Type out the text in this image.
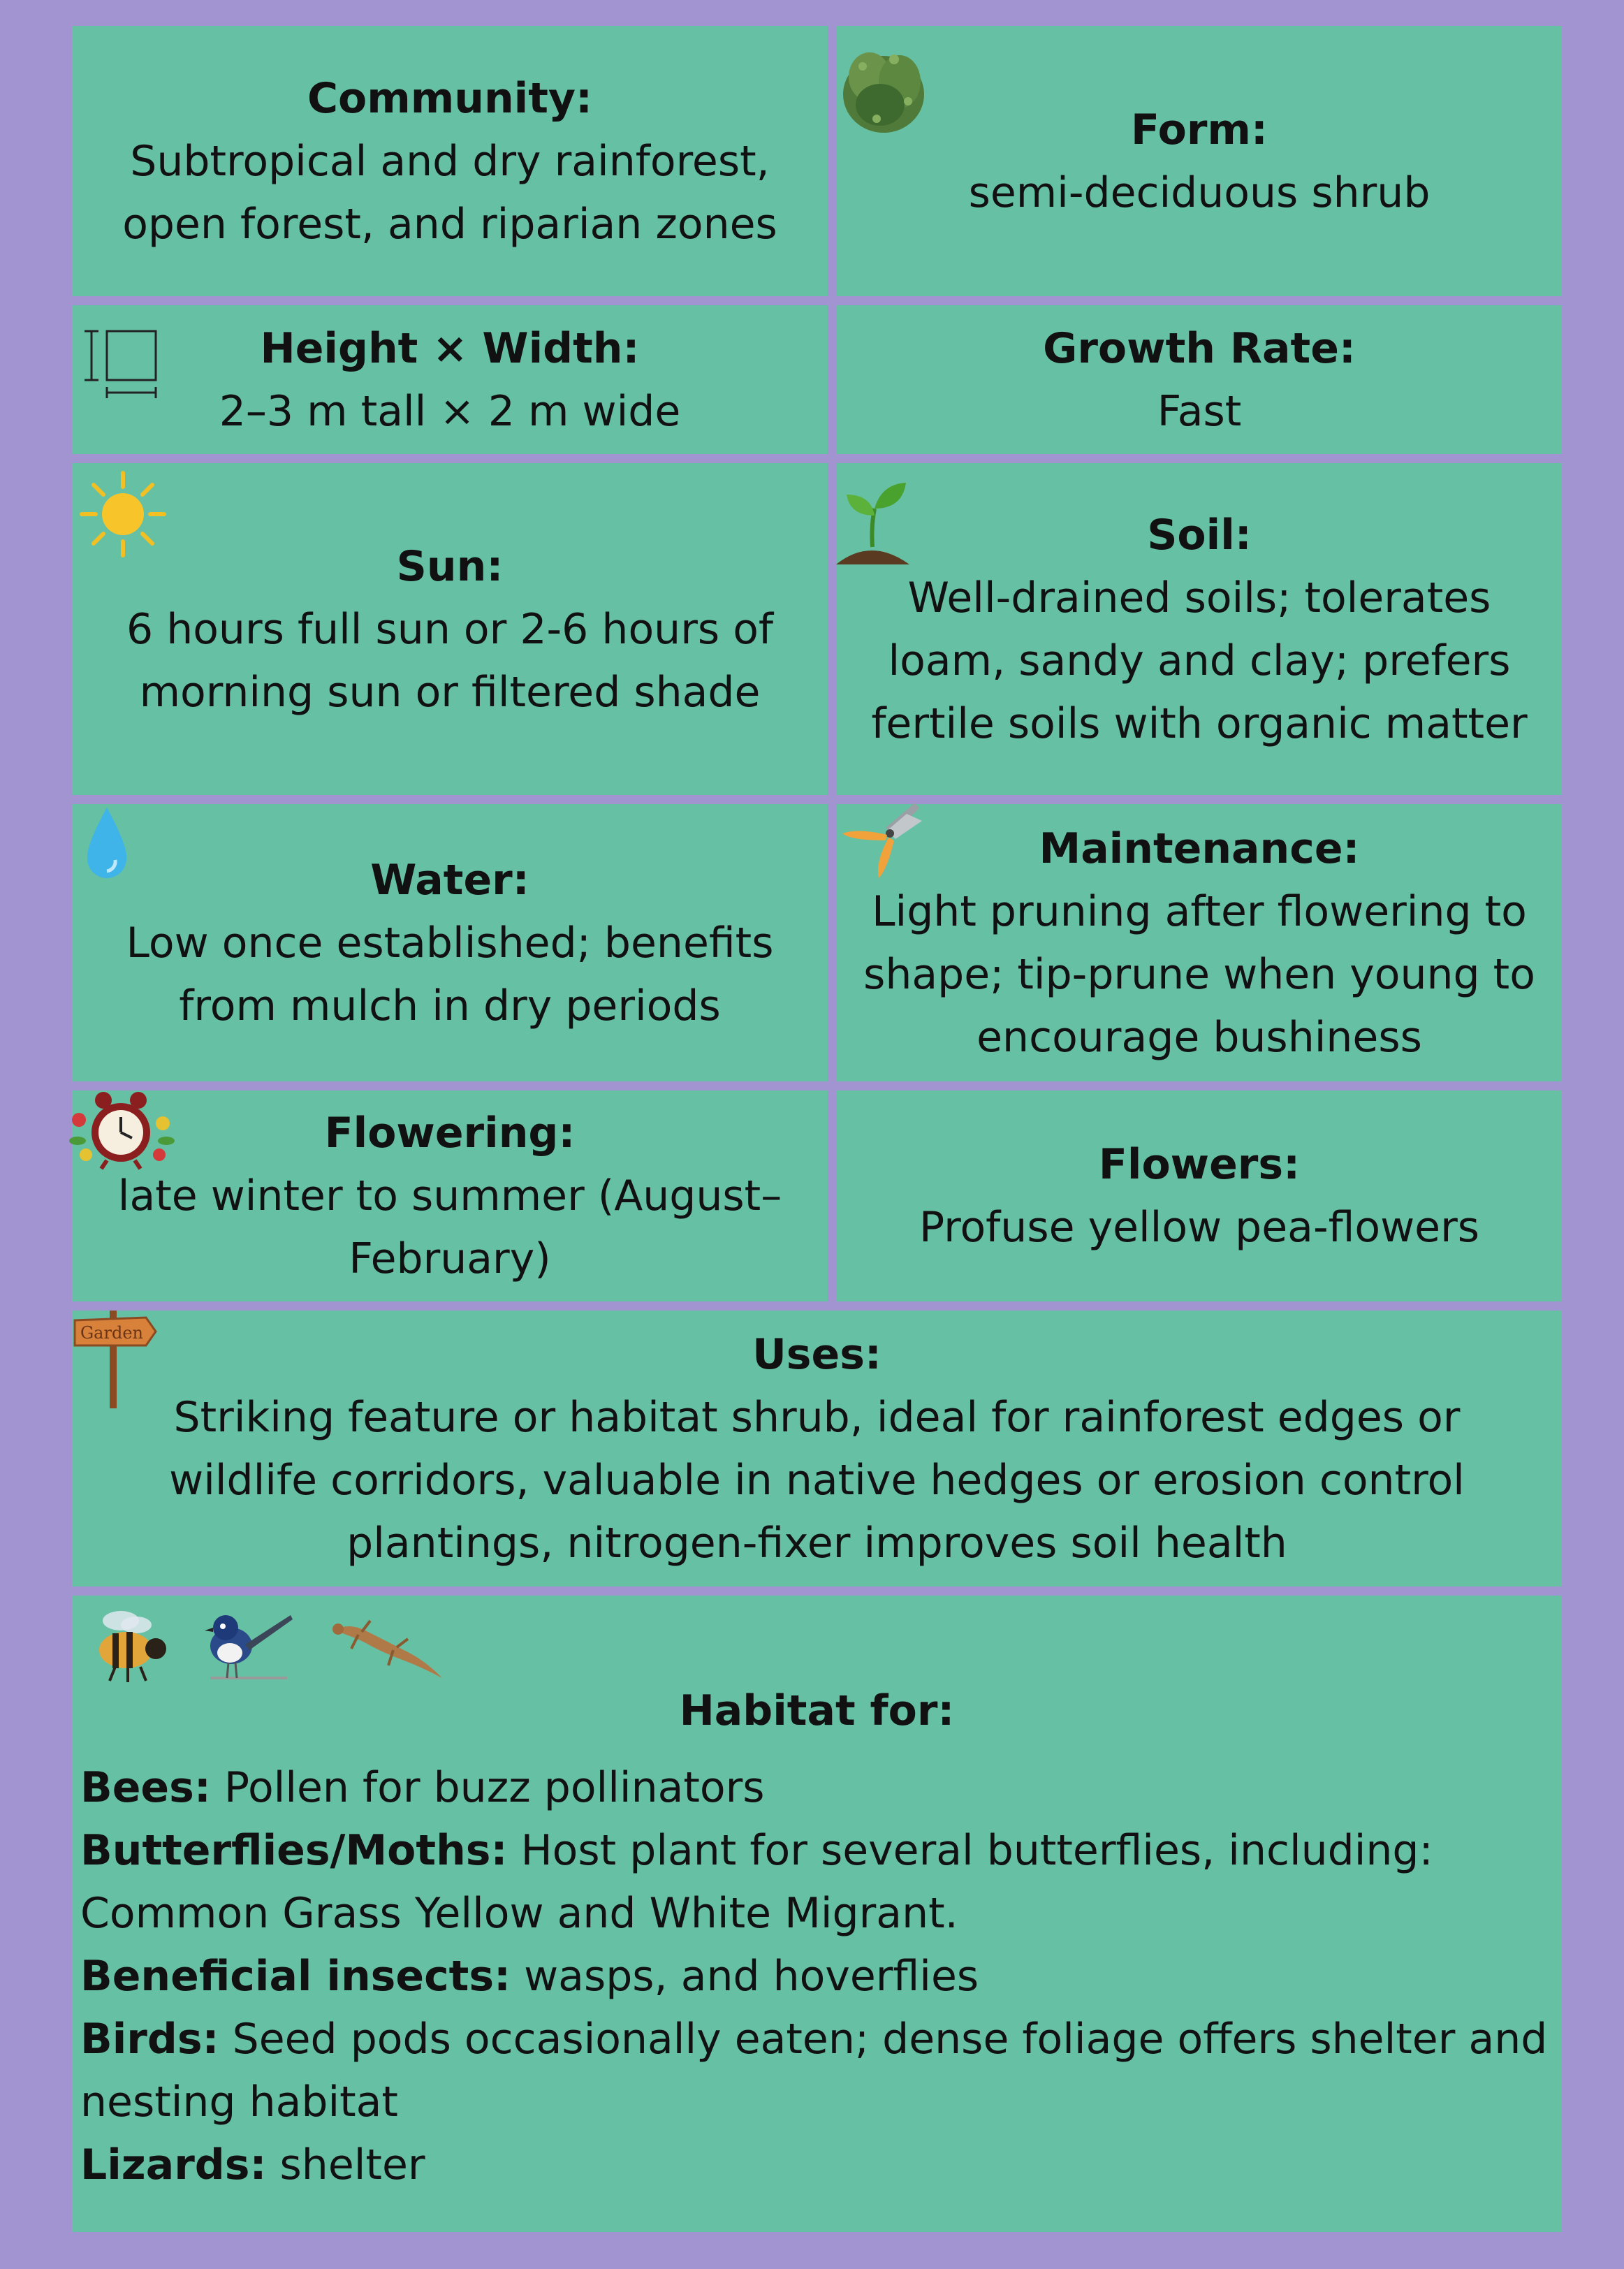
Community:
Subtropical and dry rainforest, open forest, and riparian zones
Form:
semi-deciduous shrub
Height × Width:
2–3 m tall × 2 m wide
Growth Rate:
Fast
Sun:
6 hours full sun or 2-6 hours of morning sun or filtered shade
Soil:
Well-drained soils; tolerates loam, sandy and clay; prefers fertile soils with organic matter
Water:
Low once established; benefits from mulch in dry periods
Maintenance:
Light pruning after flowering to shape; tip-prune when young to encourage bushiness
Flowering:
late winter to summer (August–February)
Flowers:
Profuse yellow pea-flowers
Garden	Uses:
Striking feature or habitat shrub, ideal for rainforest edges or wildlife corridors, valuable in native hedges or erosion control plantings, nitrogen-fixer improves soil health
Habitat for:

Bees: Pollen for buzz pollinators

Butterflies/Moths: Host plant for several butterflies, including: Common Grass Yellow and White Migrant.

Beneficial insects: wasps, and hoverflies

Birds: Seed pods occasionally eaten; dense foliage offers shelter and nesting habitat

Lizards: shelter
